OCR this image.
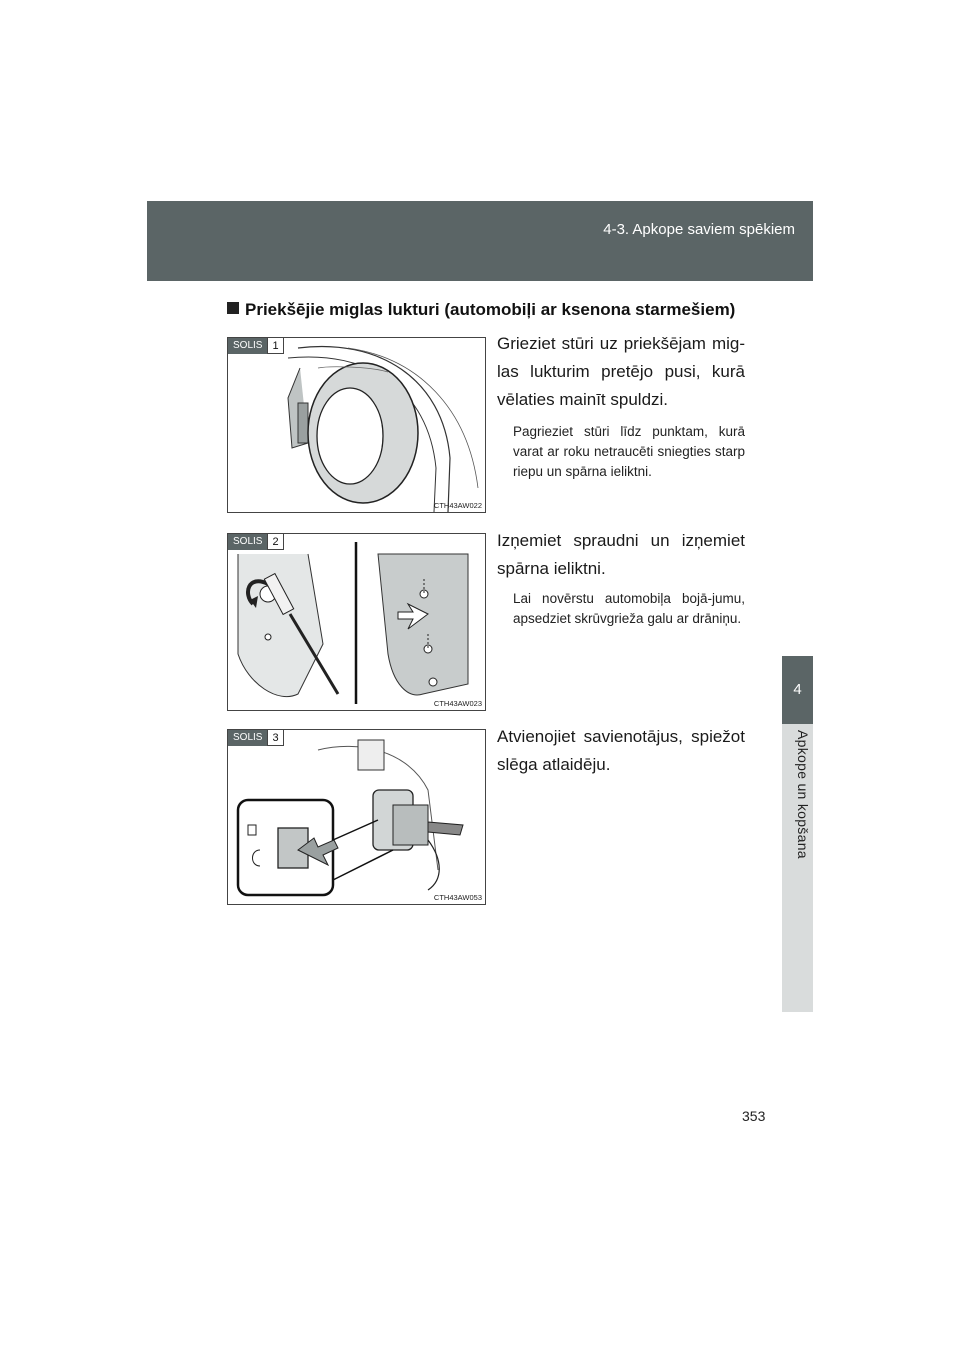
4-3. Apkope saviem spēkiem
4
Apkope un kopšana
Priekšējie miglas lukturi (automobiļi ar ksenona starmešiem)
SOLIS 1
CTH43AW022
Grieziet stūri uz priekšējam mig-las lukturim pretējo pusi, kurā vēlaties mainīt spuldzi.
Pagrieziet stūri līdz punktam, kurā varat ar roku netraucēti sniegties starp riepu un spārna ieliktni.
SOLIS 2
CTH43AW023
Izņemiet spraudni un izņemiet spārna ieliktni.
Lai novērstu automobiļa bojā-jumu, apsedziet skrūvgrieža galu ar drāniņu.
SOLIS 3
CTH43AW053
Atvienojiet savienotājus, spiežot slēga atlaidēju.
353
